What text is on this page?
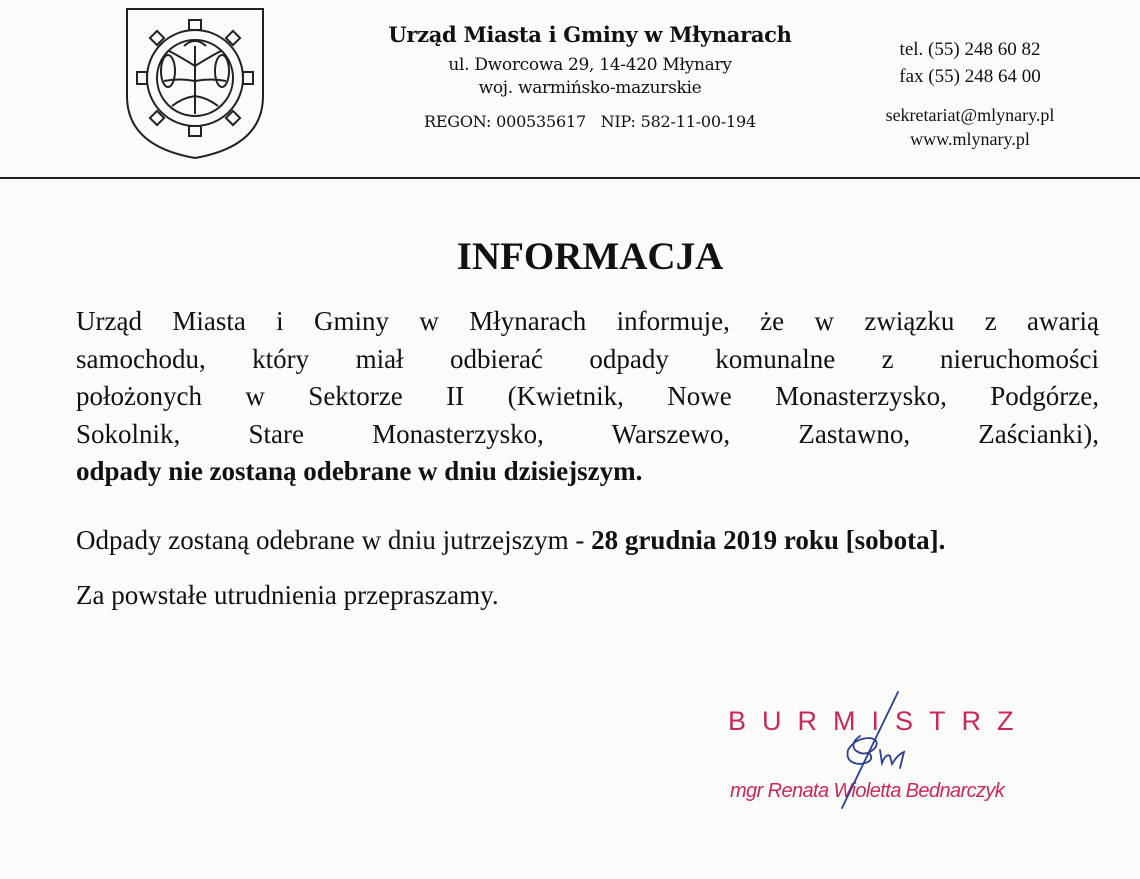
Urząd Miasta i Gminy w Młynarach
ul. Dworcowa 29, 14-420 Młynary
woj. warmińsko-mazurskie
REGON: 000535617   NIP: 582-11-00-194
tel. (55) 248 60 82
fax (55) 248 64 00
sekretariat@mlynary.pl
www.mlynary.pl
INFORMACJA
Urząd Miasta i Gminy w Młynarach informuje, że w związku z awarią
samochodu, który miał odbierać odpady komunalne z nieruchomości
położonych w Sektorze II (Kwietnik, Nowe Monasterzysko, Podgórze,
Sokolnik, Stare Monasterzysko, Warszewo, Zastawno, Zaścianki),
odpady nie zostaną odebrane w dniu dzisiejszym.
Odpady zostaną odebrane w dniu jutrzejszym - 28 grudnia 2019 roku [sobota].
Za powstałe utrudnienia przepraszamy.
BURMISTRZ
mgr Renata Wioletta Bednarczyk
